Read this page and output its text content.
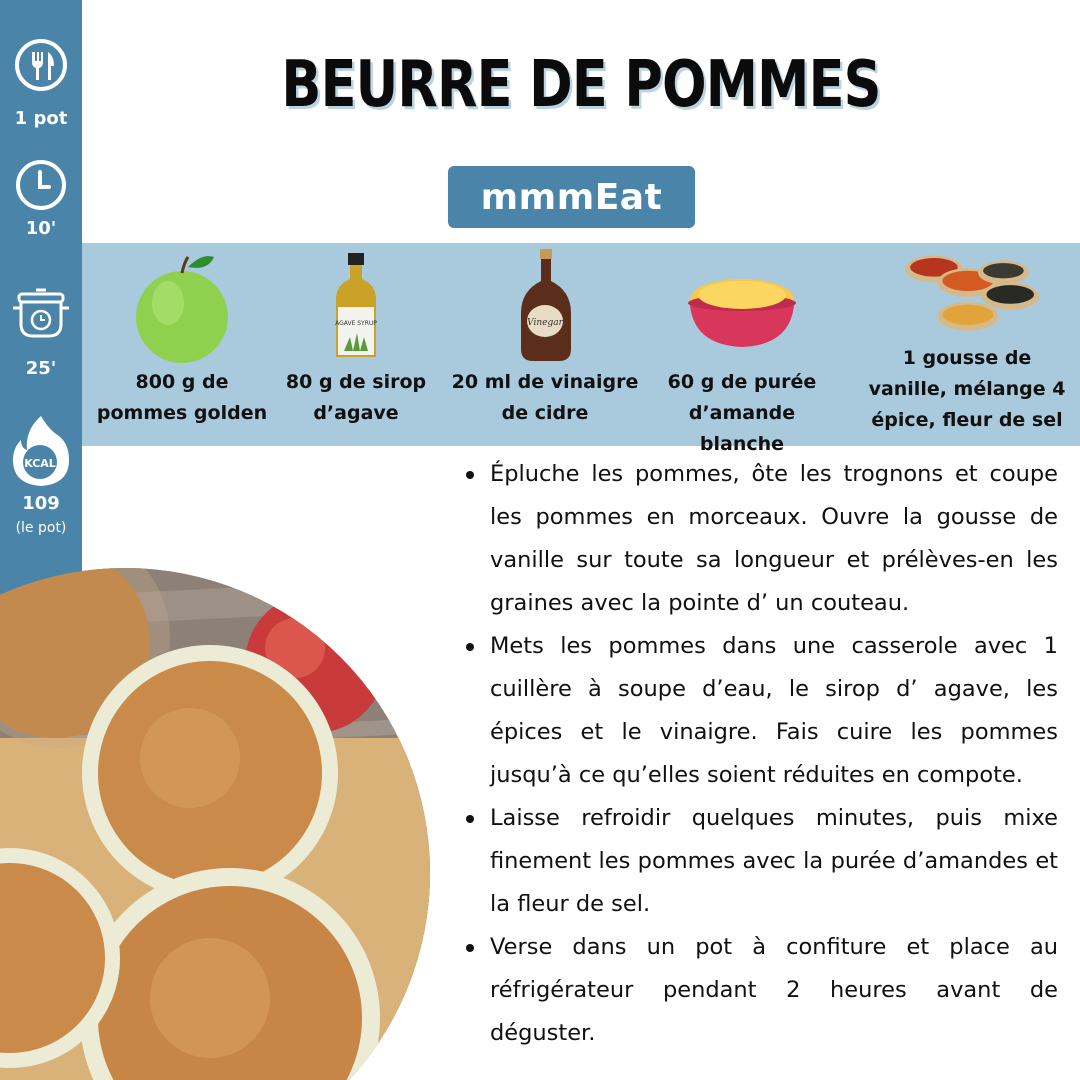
1 pot
10'
25'
KCAL
109
(le pot)
BEURRE DE POMMES
mmmEat
800 g de
pommes golden
AGAVE SYRUP
80 g de sirop
d’agave
Vinegar
20 ml de vinaigre
de cidre
60 g de purée
d’amande blanche
1 gousse de
vanille, mélange 4
épice, fleur de sel
Épluche les pommes, ôte les trognons et coupe les pommes en morceaux. Ouvre la gousse de vanille sur toute sa longueur et prélèves-en les graines avec la pointe d’ un couteau.
Mets les pommes dans une casserole avec 1 cuillère à soupe d’eau, le sirop d’ agave, les épices et le vinaigre. Fais cuire les pommes jusqu’à ce qu’elles soient réduites en compote.
Laisse refroidir quelques minutes, puis mixe finement les pommes avec la purée d’amandes et la fleur de sel.
Verse dans un pot à confiture et place au réfrigérateur pendant 2 heures avant de déguster.
